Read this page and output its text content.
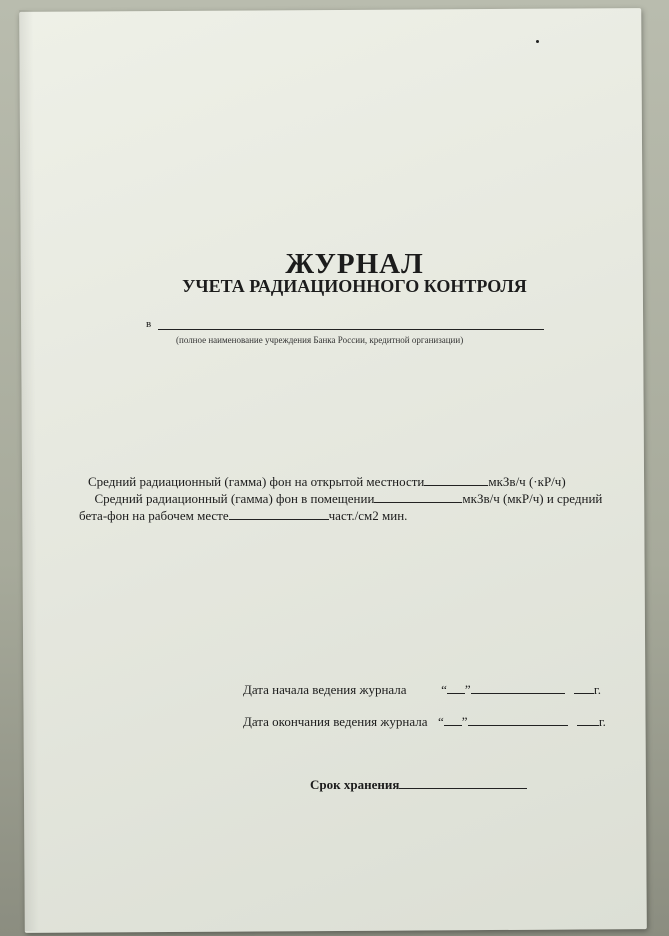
ЖУРНАЛ
УЧЕТА РАДИАЦИОННОГО КОНТРОЛЯ
в
(полное наименование учреждения Банка России, кредитной организации)
Средний радиационный (гамма) фон на открытой местности	мкЗв/ч (·кР/ч)
Средний радиационный (гамма) фон в помещении	мкЗв/ч (мкР/ч) и средний
бета-фон на рабочем месте	част./см2 мин.
Дата начала ведения журнала	“ ”	г.
Дата окончания ведения журнала “ ”	г.
Срок хранения
